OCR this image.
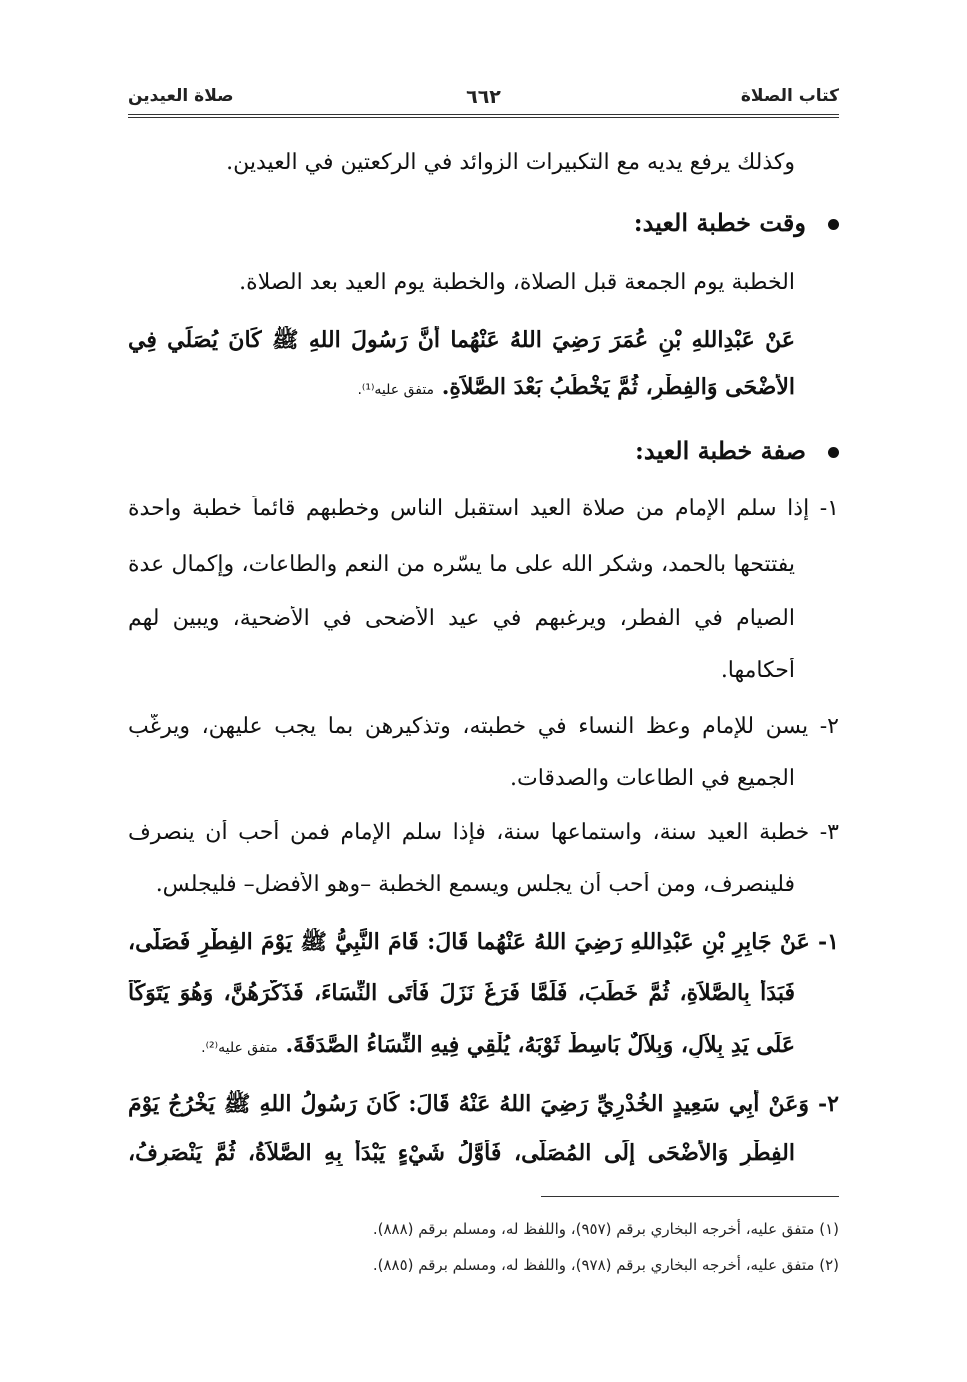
كتاب الصلاة
٦٦٢
صلاة العيدين
وكذلك يرفع يديه مع التكبيرات الزوائد في الركعتين في العيدين.
وقت خطبة العيد:
الخطبة يوم الجمعة قبل الصلاة، والخطبة يوم العيد بعد الصلاة.
عَنْ عَبْدِاللهِ بْنِ عُمَرَ رَضِيَ اللهُ عَنْهُما أَنَّ رَسُولَ اللهِ ﷺ كَانَ يُصَلِّي فِي
الأَضْحَى وَالفِطْرِ، ثُمَّ يَخْطُبُ بَعْدَ الصَّلاَةِ. متفق عليه⁽¹⁾.
صفة خطبة العيد:
١- إذا سلم الإمام من صلاة العيد استقبل الناس وخطبهم قائماً خطبة واحدة
يفتتحها بالحمد، وشكر الله على ما يسّره من النعم والطاعات، وإكمال عدة
الصيام في الفطر، ويرغبهم في عيد الأضحى في الأضحية، ويبين لهم
أحكامها.
٢- يسن للإمام وعظ النساء في خطبته، وتذكيرهن بما يجب عليهن، ويرغّب
الجميع في الطاعات والصدقات.
٣- خطبة العيد سنة، واستماعها سنة، فإذا سلم الإمام فمن أحب أن ينصرف
فلينصرف، ومن أحب أن يجلس ويسمع الخطبة –وهو الأفضل– فليجلس.
١- عَنْ جَابِرِ بْنِ عَبْدِاللهِ رَضِيَ اللهُ عَنْهُما قَالَ: قَامَ النَّبِيُّ ﷺ يَوْمَ الفِطْرِ فَصَلَّى،
فَبَدَأَ بِالصَّلاَةِ، ثُمَّ خَطَبَ، فَلَمَّا فَرَغَ نَزَلَ فَأَتَى النِّسَاءَ، فَذَكَّرَهُنَّ، وَهُوَ يَتَوَكَّأُ
عَلَى يَدِ بِلاَلٍ، وَبِلاَلٌ بَاسِطٌ ثَوْبَهُ، يُلْقِي فِيهِ النِّسَاءُ الصَّدَقَةَ. متفق عليه⁽²⁾.
٢- وَعَنْ أَبِي سَعِيدٍ الخُدْرِيِّ رَضِيَ اللهُ عَنْهُ قَالَ: كَانَ رَسُولُ اللهِ ﷺ يَخْرُجُ يَوْمَ
الفِطْرِ وَالأَضْحَى إِلَى المُصَلَّى، فَأَوَّلُ شَيْءٍ يَبْدَأُ بِهِ الصَّلاَةُ، ثُمَّ يَنْصَرِفُ،
(١) متفق عليه، أخرجه البخاري برقم (٩٥٧)، واللفظ له، ومسلم برقم (٨٨٨).
(٢) متفق عليه، أخرجه البخاري برقم (٩٧٨)، واللفظ له، ومسلم برقم (٨٨٥).
